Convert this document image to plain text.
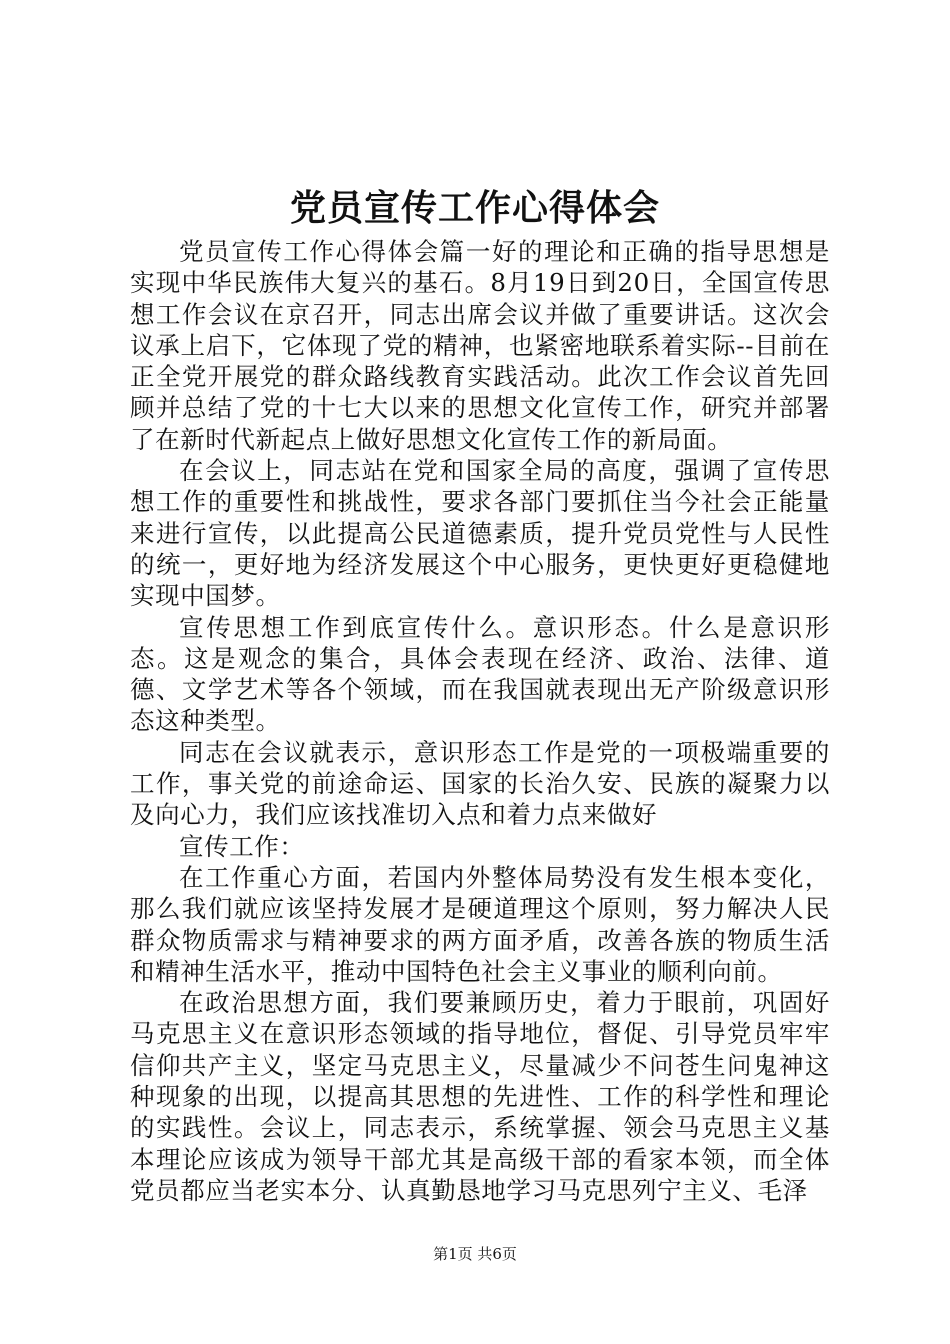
党员宣传工作心得体会

党员宣传工作心得体会篇一好的理论和正确的指导思想是实现中华民族伟大复兴的基石。8月19日到20日，全国宣传思想工作会议在京召开，同志出席会议并做了重要讲话。这次会议承上启下，它体现了党的精神，也紧密地联系着实际--目前在正全党开展党的群众路线教育实践活动。此次工作会议首先回顾并总结了党的十七大以来的思想文化宣传工作，研究并部署了在新时代新起点上做好思想文化宣传工作的新局面。

在会议上，同志站在党和国家全局的高度，强调了宣传思想工作的重要性和挑战性，要求各部门要抓住当今社会正能量来进行宣传，以此提高公民道德素质，提升党员党性与人民性的统一，更好地为经济发展这个中心服务，更快更好更稳健地实现中国梦。

宣传思想工作到底宣传什么。意识形态。什么是意识形态。这是观念的集合，具体会表现在经济、政治、法律、道德、文学艺术等各个领域，而在我国就表现出无产阶级意识形态这种类型。

同志在会议就表示，意识形态工作是党的一项极端重要的工作，事关党的前途命运、国家的长治久安、民族的凝聚力以及向心力，我们应该找准切入点和着力点来做好

宣传工作：

在工作重心方面，若国内外整体局势没有发生根本变化，那么我们就应该坚持发展才是硬道理这个原则，努力解决人民群众物质需求与精神要求的两方面矛盾，改善各族的物质生活和精神生活水平，推动中国特色社会主义事业的顺利向前。

在政治思想方面，我们要兼顾历史，着力于眼前，巩固好马克思主义在意识形态领域的指导地位，督促、引导党员牢牢信仰共产主义，坚定马克思主义，尽量减少不问苍生问鬼神这种现象的出现，以提高其思想的先进性、工作的科学性和理论的实践性。会议上，同志表示，系统掌握、领会马克思主义基本理论应该成为领导干部尤其是高级干部的看家本领，而全体党员都应当老实本分、认真勤恳地学习马克思列宁主义、毛泽

第1页 共6页
